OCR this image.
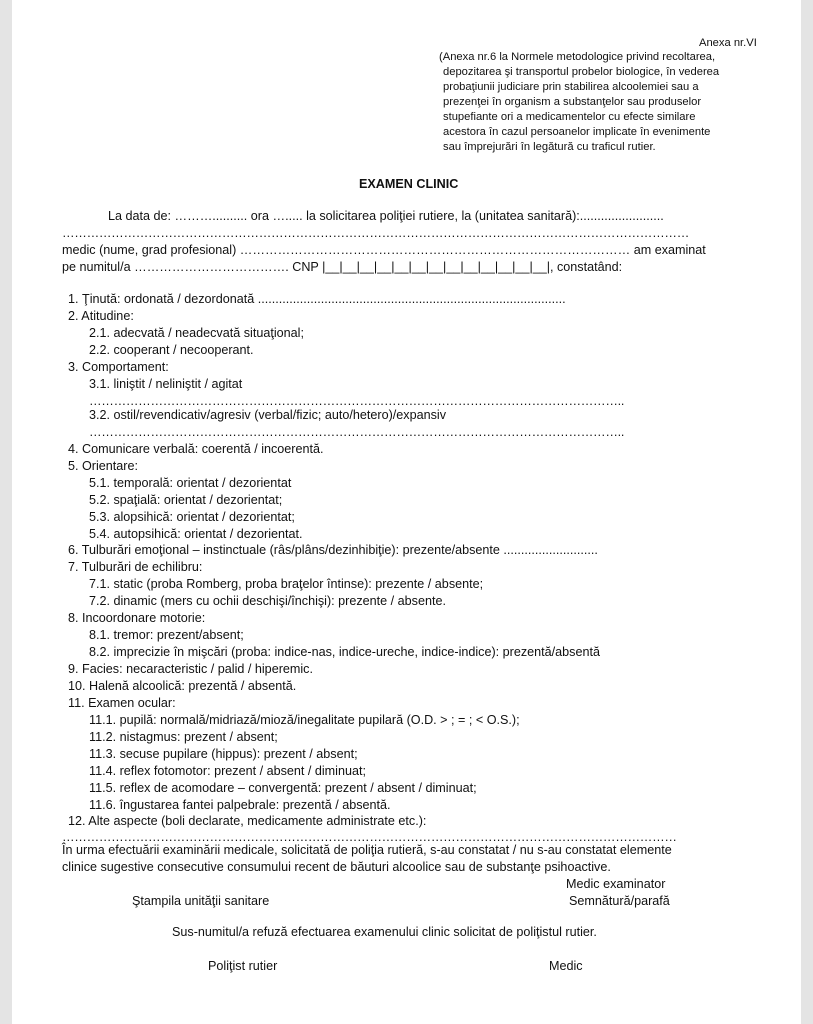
Anexa nr.VI
(Anexa nr.6 la Normele metodologice privind recoltarea,
depozitarea şi transportul probelor biologice, în vederea
probaţiunii judiciare prin stabilirea alcoolemiei sau a
prezenţei în organism a substanţelor sau produselor
stupefiante ori a medicamentelor cu efecte similare
acestora în cazul persoanelor implicate în evenimente
sau împrejurări în legătură cu traficul rutier.
EXAMEN CLINIC
La data de: ……….......... ora …..... la solicitarea poliţiei rutiere, la (unitatea sanitară):........................
………………………………………………………………………………………………………………………………………
medic (nume, grad profesional) ………………………………………………………………………………… am examinat
pe numitul/a ………………………………. CNP |__|__|__|__|__|__|__|__|__|__|__|__|__|, constatând:
1. Ţinută: ordonată / dezordonată ........................................................................................
2. Atitudine:
2.1. adecvată / neadecvată situaţional;
2.2. cooperant / necooperant.
3. Comportament:
3.1. liniştit / neliniştit / agitat
…………………………………………………………………………………………………………………..
3.2. ostil/revendicativ/agresiv (verbal/fizic; auto/hetero)/expansiv
…………………………………………………………………………………………………………………..
4. Comunicare verbală: coerentă / incoerentă.
5. Orientare:
5.1. temporală: orientat / dezorientat
5.2. spaţială: orientat / dezorientat;
5.3. alopsihică: orientat / dezorientat;
5.4. autopsihică: orientat / dezorientat.
6. Tulburări emoţional – instinctuale (râs/plâns/dezinhibiţie): prezente/absente ...........................
7. Tulburări de echilibru:
7.1. static (proba Romberg, proba braţelor întinse): prezente / absente;
7.2. dinamic (mers cu ochii deschişi/închişi): prezente / absente.
8. Incoordonare motorie:
8.1. tremor: prezent/absent;
8.2. imprecizie în mişcări (proba: indice-nas, indice-ureche, indice-indice): prezentă/absentă
9. Facies: necaracteristic / palid / hiperemic.
10. Halenă alcoolică: prezentă / absentă.
11. Examen ocular:
11.1. pupilă: normală/midriază/mioză/inegalitate pupilară (O.D. > ; = ; < O.S.);
11.2. nistagmus: prezent / absent;
11.3. secuse pupilare (hippus): prezent / absent;
11.4. reflex fotomotor: prezent / absent / diminuat;
11.5. reflex de acomodare – convergentă: prezent / absent / diminuat;
11.6. îngustarea fantei palpebrale: prezentă / absentă.
12. Alte aspecte (boli declarate, medicamente administrate etc.):
……………………………………………………………………………………………………………………………………
În urma efectuării examinării medicale, solicitată de poliţia rutieră, s-au constatat / nu s-au constatat elemente
clinice sugestive consecutive consumului recent de băuturi alcoolice sau de substanţe psihoactive.
Medic examinator
Ştampila unităţii sanitare	Semnătură/parafă
Sus-numitul/a refuză efectuarea examenului clinic solicitat de poliţistul rutier.
Poliţist rutier	Medic
